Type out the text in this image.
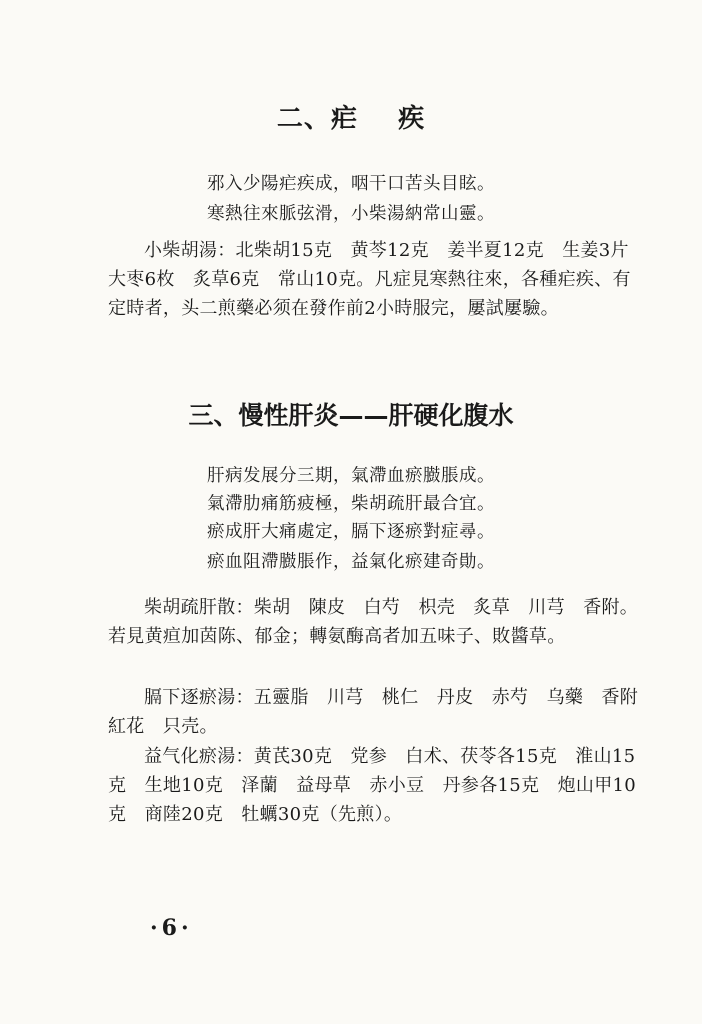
二、疟    疾

邪入少陽疟疾成，咽干口苦头目眩。

寒熱往來脈弦滑，小柴湯納常山靈。

小柴胡湯：北柴胡15克　黄芩12克　姜半夏12克　生姜3片　大枣6枚　炙草6克　常山10克。凡症見寒熱往來，各種疟疾、有定時者，头二煎藥必须在發作前2小時服完，屢試屢驗。

三、慢性肝炎——肝硬化腹水

肝病发展分三期，氣滯血瘀臌脹成。

氣滯肋痛筋疲極，柴胡疏肝最合宜。

瘀成肝大痛處定，膈下逐瘀對症尋。

瘀血阻滯臌脹作，益氣化瘀建奇勛。

柴胡疏肝散：柴胡　陳皮　白芍　枳壳　炙草　川芎　香附。若見黄疸加茵陈、郁金；轉氨酶高者加五味子、敗醬草。

膈下逐瘀湯：五靈脂　川芎　桃仁　丹皮　赤芍　乌藥　香附　紅花　只壳。

益气化瘀湯：黄芪30克　党参　白术、茯苓各15克　淮山15克　生地10克　泽蘭　益母草　赤小豆　丹参各15克　炮山甲10克　商陸20克　牡蠣30克（先煎）。

·6·
